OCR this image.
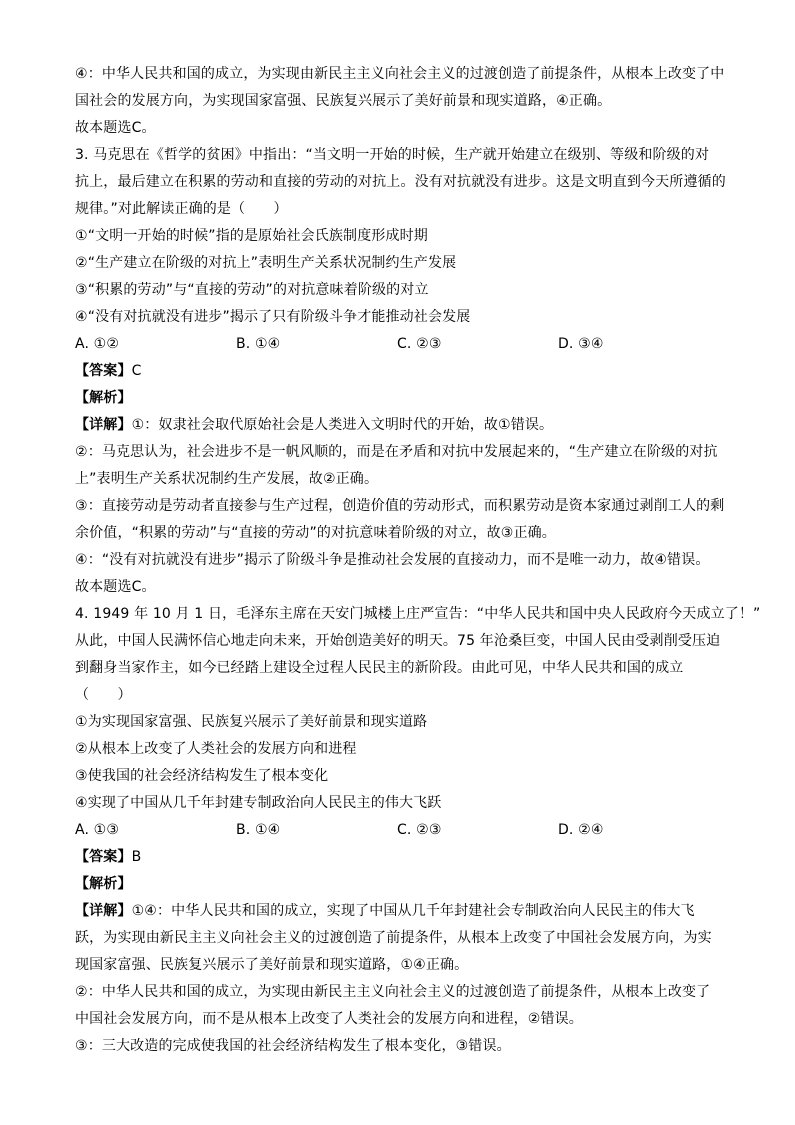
④：中华人民共和国的成立，为实现由新民主主义向社会主义的过渡创造了前提条件，从根本上改变了中
国社会的发展方向，为实现国家富强、民族复兴展示了美好前景和现实道路，④正确。
故本题选C。
3. 马克思在《哲学的贫困》中指出：“当文明一开始的时候，生产就开始建立在级别、等级和阶级的对
抗上，最后建立在积累的劳动和直接的劳动的对抗上。没有对抗就没有进步。这是文明直到今天所遵循的
规律。”对此解读正确的是（　　）
①“文明一开始的时候”指的是原始社会氏族制度形成时期
②“生产建立在阶级的对抗上”表明生产关系状况制约生产发展
③“积累的劳动”与“直接的劳动”的对抗意味着阶级的对立
④“没有对抗就没有进步”揭示了只有阶级斗争才能推动社会发展
A. ①②	B. ①④	C. ②③	D. ③④
【答案】C
【解析】
【详解】①：奴隶社会取代原始社会是人类进入文明时代的开始，故①错误。
②：马克思认为，社会进步不是一帆风顺的，而是在矛盾和对抗中发展起来的，“生产建立在阶级的对抗
上”表明生产关系状况制约生产发展，故②正确。
③：直接劳动是劳动者直接参与生产过程，创造价值的劳动形式，而积累劳动是资本家通过剥削工人的剩
余价值，“积累的劳动”与“直接的劳动”的对抗意味着阶级的对立，故③正确。
④：“没有对抗就没有进步”揭示了阶级斗争是推动社会发展的直接动力，而不是唯一动力，故④错误。
故本题选C。
4. 1949 年 10 月 1 日，毛泽东主席在天安门城楼上庄严宣告：“中华人民共和国中央人民政府今天成立了！”
从此，中国人民满怀信心地走向未来，开始创造美好的明天。75 年沧桑巨变，中国人民由受剥削受压迫
到翻身当家作主，如今已经踏上建设全过程人民民主的新阶段。由此可见，中华人民共和国的成立
（　　）
①为实现国家富强、民族复兴展示了美好前景和现实道路
②从根本上改变了人类社会的发展方向和进程
③使我国的社会经济结构发生了根本变化
④实现了中国从几千年封建专制政治向人民民主的伟大飞跃
A. ①③	B. ①④	C. ②③	D. ②④
【答案】B
【解析】
【详解】①④：中华人民共和国的成立，实现了中国从几千年封建社会专制政治向人民民主的伟大飞
跃，为实现由新民主主义向社会主义的过渡创造了前提条件，从根本上改变了中国社会发展方向，为实
现国家富强、民族复兴展示了美好前景和现实道路，①④正确。
②：中华人民共和国的成立，为实现由新民主主义向社会主义的过渡创造了前提条件，从根本上改变了
中国社会发展方向，而不是从根本上改变了人类社会的发展方向和进程，②错误。
③：三大改造的完成使我国的社会经济结构发生了根本变化，③错误。
